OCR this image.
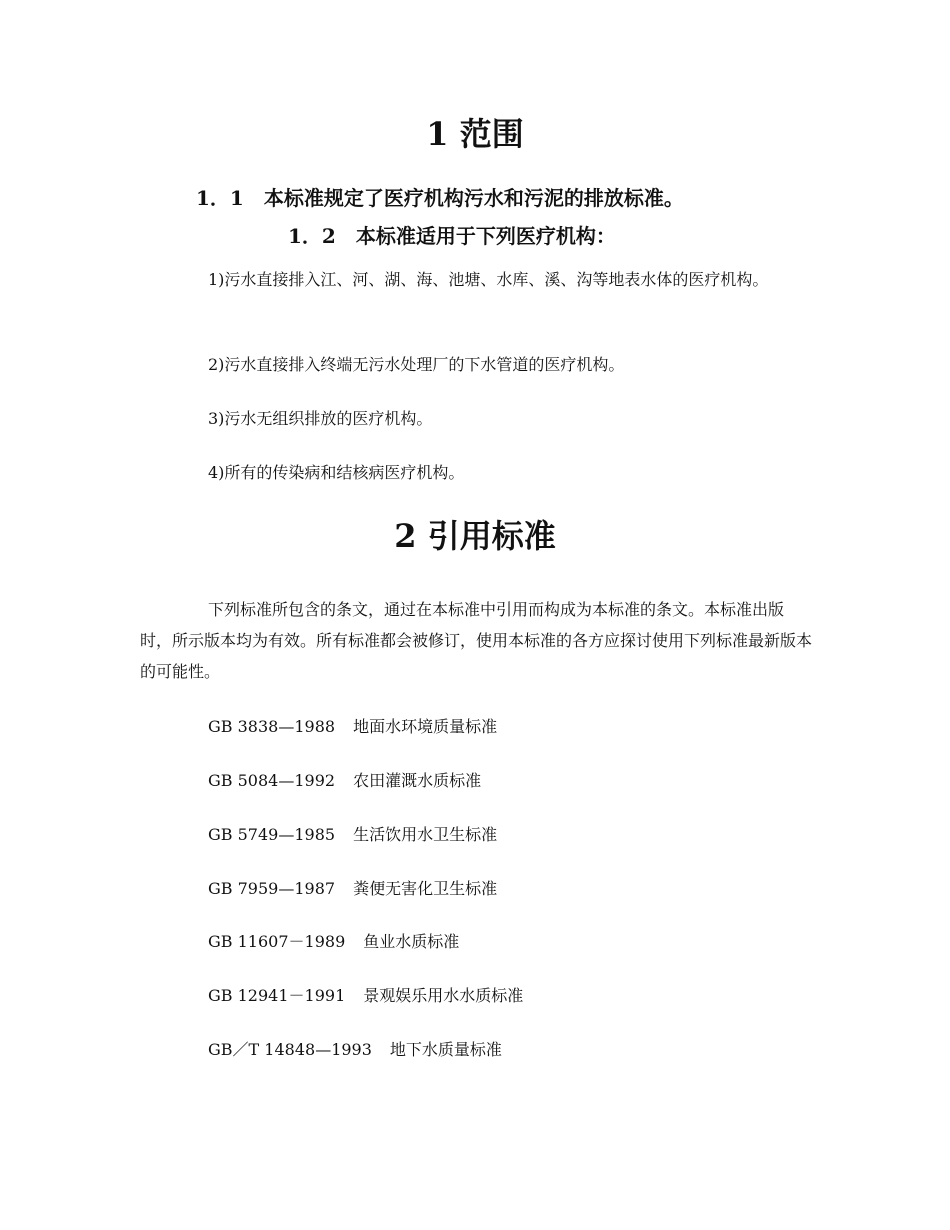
1 范围
1．1　本标准规定了医疗机构污水和污泥的排放标准。
1．2　本标准适用于下列医疗机构：

1)污水直接排入江、河、湖、海、池塘、水库、溪、沟等地表水体的医疗机构。

2)污水直接排入终端无污水处理厂的下水管道的医疗机构。

3)污水无组织排放的医疗机构。

4)所有的传染病和结核病医疗机构。

2 引用标准

下列标准所包含的条文，通过在本标准中引用而构成为本标准的条文。本标准出版时，所示版本均为有效。所有标准都会被修订，使用本标准的各方应探讨使用下列标准最新版本的可能性。

GB 3838—1988 地面水环境质量标准

GB 5084—1992 农田灌溉水质标准

GB 5749—1985 生活饮用水卫生标准

GB 7959—1987 粪便无害化卫生标准

GB 11607－1989 鱼业水质标准

GB 12941－1991 景观娱乐用水水质标准

GB／T 14848—1993 地下水质量标准
